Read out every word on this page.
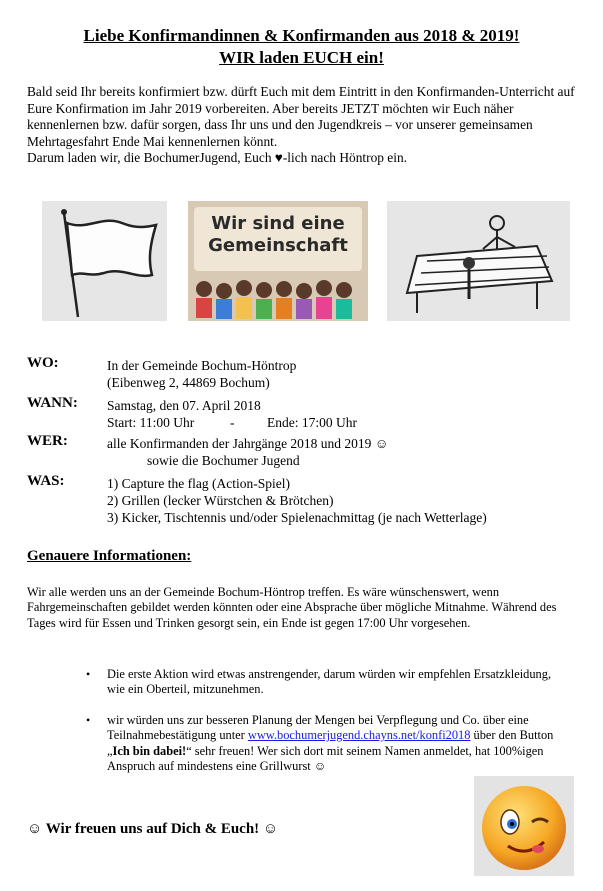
Liebe Konfirmandinnen & Konfirmanden aus 2018 & 2019!
WIR laden EUCH ein!

Bald seid Ihr bereits konfirmiert bzw. dürft Euch mit dem Eintritt in den Konfirmanden-Unterricht auf Eure Konfirmation im Jahr 2019 vorbereiten. Aber bereits JETZT möchten wir Euch näher kennenlernen bzw. dafür sorgen, dass Ihr uns und den Jugendkreis – vor unserer gemeinsamen Mehrtagesfahrt Ende Mai kennenlernen könnt.

Darum laden wir, die BochumerJugend, Euch ♥-lich nach Höntrop ein.

Wir sind eine
Gemeinschaft
WO:	In der Gemeinde Bochum-Höntrop
(Eibenweg 2, 44869 Bochum)
WANN: Samstag, den 07. April 2018
Start: 11:00 Uhr	- Ende: 17:00 Uhr
WER:	alle Konfirmanden der Jahrgänge 2018 und 2019 ☺
sowie die Bochumer Jugend
WAS:	1) Capture the flag (Action-Spiel)
2) Grillen (lecker Würstchen & Brötchen)
3) Kicker, Tischtennis und/oder Spielenachmittag (je nach Wetterlage)
Genauere Informationen:
Wir alle werden uns an der Gemeinde Bochum-Höntrop treffen. Es wäre wünschenswert, wenn Fahrgemeinschaften gebildet werden könnten oder eine Absprache über mögliche Mitnahme. Während des Tages wird für Essen und Trinken gesorgt sein, ein Ende ist gegen 17:00 Uhr vorgesehen.
• Die erste Aktion wird etwas anstrengender, darum würden wir empfehlen Ersatzkleidung, wie ein Oberteil, mitzunehmen.
• wir würden uns zur besseren Planung der Mengen bei Verpflegung und Co. über eine Teilnahmebestätigung unter www.bochumerjugend.chayns.net/konfi2018 über den Button „Ich bin dabei!“ sehr freuen! Wer sich dort mit seinem Namen anmeldet, hat 100%igen Anspruch auf mindestens eine Grillwurst ☺
☺ Wir freuen uns auf Dich & Euch! ☺
